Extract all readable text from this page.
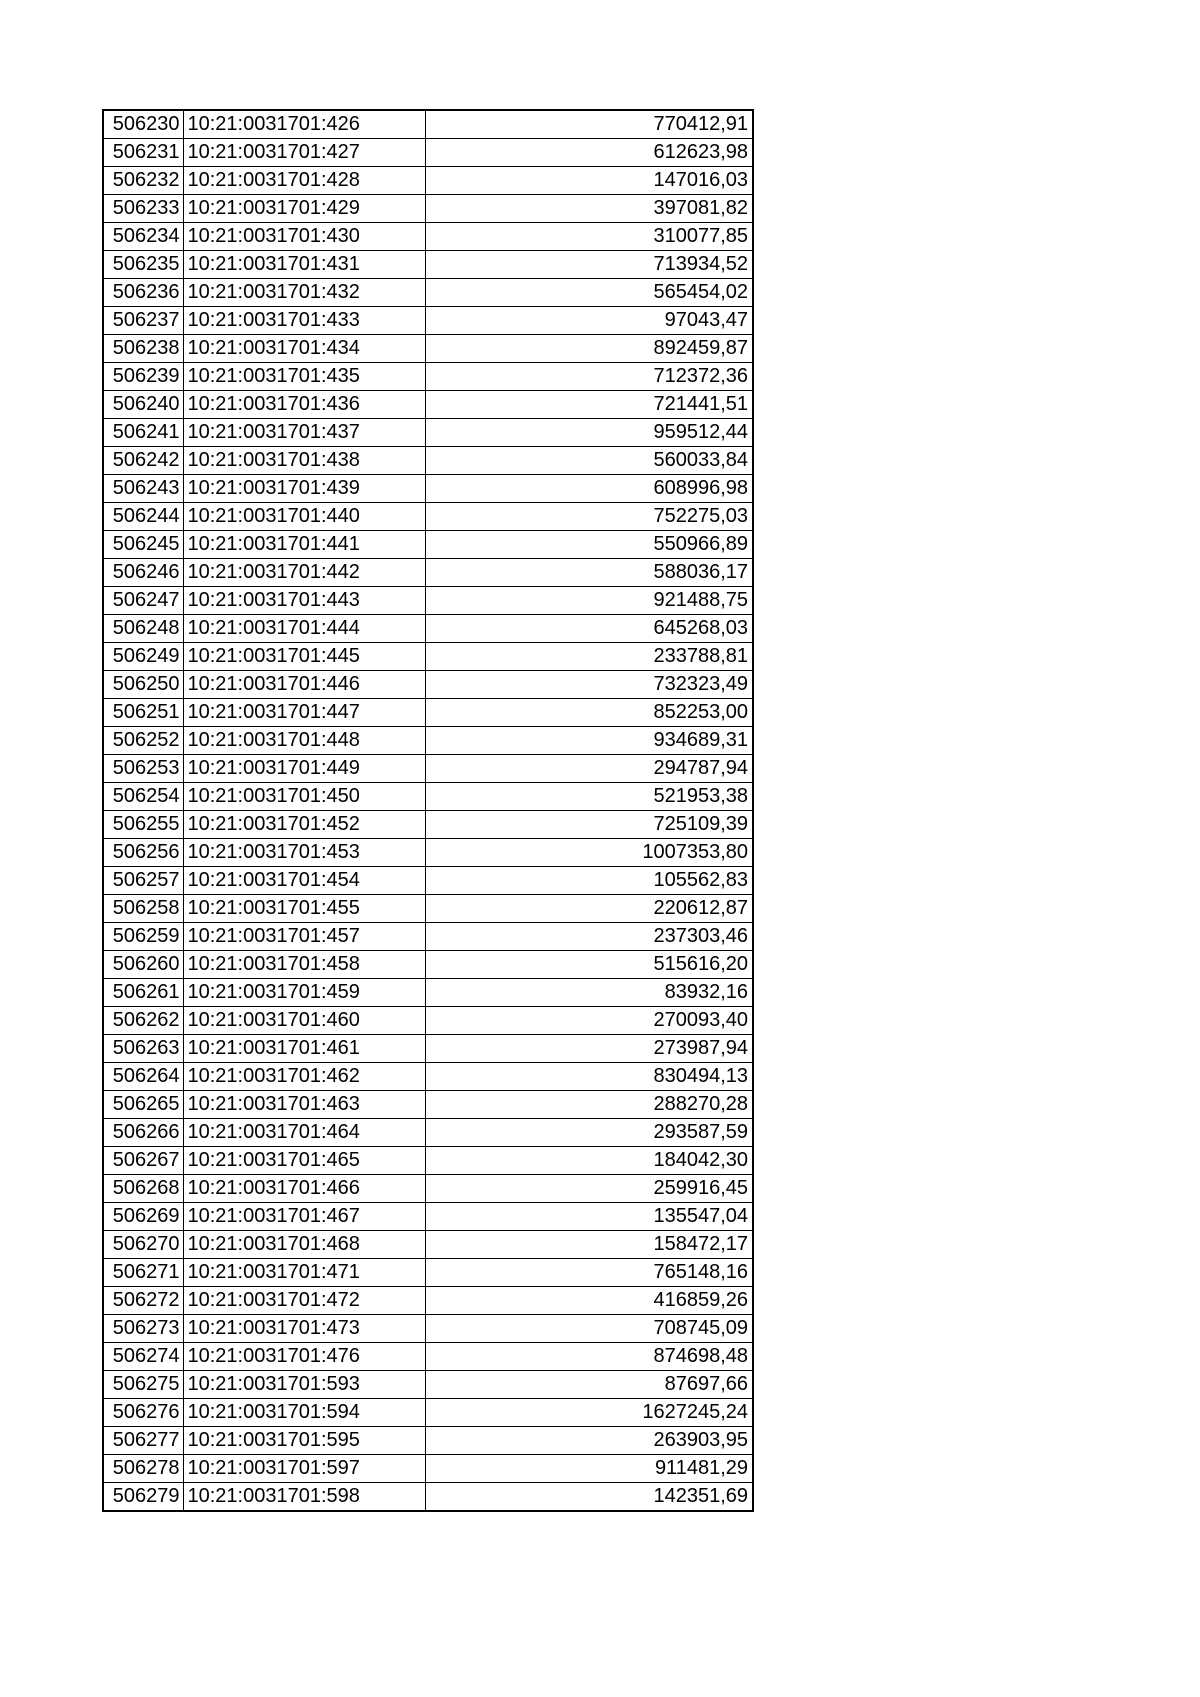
506230	10:21:0031701:426	770412,91
506231	10:21:0031701:427	612623,98
506232	10:21:0031701:428	147016,03
506233	10:21:0031701:429	397081,82
506234	10:21:0031701:430	310077,85
506235	10:21:0031701:431	713934,52
506236	10:21:0031701:432	565454,02
506237	10:21:0031701:433	97043,47
506238	10:21:0031701:434	892459,87
506239	10:21:0031701:435	712372,36
506240	10:21:0031701:436	721441,51
506241	10:21:0031701:437	959512,44
506242	10:21:0031701:438	560033,84
506243	10:21:0031701:439	608996,98
506244	10:21:0031701:440	752275,03
506245	10:21:0031701:441	550966,89
506246	10:21:0031701:442	588036,17
506247	10:21:0031701:443	921488,75
506248	10:21:0031701:444	645268,03
506249	10:21:0031701:445	233788,81
506250	10:21:0031701:446	732323,49
506251	10:21:0031701:447	852253,00
506252	10:21:0031701:448	934689,31
506253	10:21:0031701:449	294787,94
506254	10:21:0031701:450	521953,38
506255	10:21:0031701:452	725109,39
506256	10:21:0031701:453	1007353,80
506257	10:21:0031701:454	105562,83
506258	10:21:0031701:455	220612,87
506259	10:21:0031701:457	237303,46
506260	10:21:0031701:458	515616,20
506261	10:21:0031701:459	83932,16
506262	10:21:0031701:460	270093,40
506263	10:21:0031701:461	273987,94
506264	10:21:0031701:462	830494,13
506265	10:21:0031701:463	288270,28
506266	10:21:0031701:464	293587,59
506267	10:21:0031701:465	184042,30
506268	10:21:0031701:466	259916,45
506269	10:21:0031701:467	135547,04
506270	10:21:0031701:468	158472,17
506271	10:21:0031701:471	765148,16
506272	10:21:0031701:472	416859,26
506273	10:21:0031701:473	708745,09
506274	10:21:0031701:476	874698,48
506275	10:21:0031701:593	87697,66
506276	10:21:0031701:594	1627245,24
506277	10:21:0031701:595	263903,95
506278	10:21:0031701:597	911481,29
506279	10:21:0031701:598	142351,69
